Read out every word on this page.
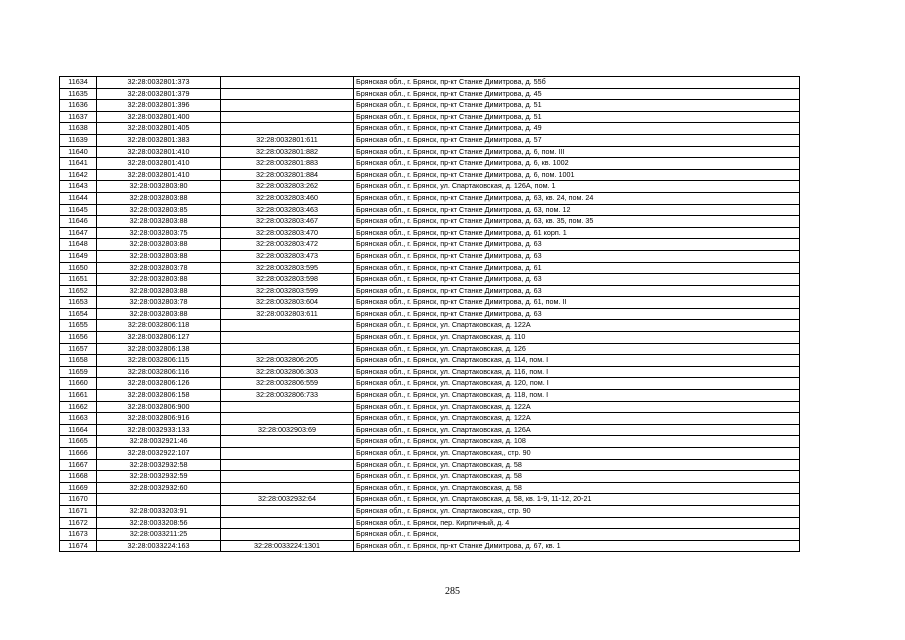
11634	32:28:0032801:373		Брянская обл., г. Брянск, пр-кт Станке Димитрова, д. 55б
11635	32:28:0032801:379		Брянская обл., г. Брянск, пр-кт Станке Димитрова, д. 45
11636	32:28:0032801:396		Брянская обл., г. Брянск, пр-кт Станке Димитрова, д. 51
11637	32:28:0032801:400		Брянская обл., г. Брянск, пр-кт Станке Димитрова, д. 51
11638	32:28:0032801:405		Брянская обл., г. Брянск, пр-кт Станке Димитрова, д. 49
11639	32:28:0032801:383	32:28:0032801:611	Брянская обл., г. Брянск, пр-кт Станке Димитрова, д. 57
11640	32:28:0032801:410	32:28:0032801:882	Брянская обл., г. Брянск, пр-кт Станке Димитрова, д. 6, пом. III
11641	32:28:0032801:410	32:28:0032801:883	Брянская обл., г. Брянск, пр-кт Станке Димитрова, д. 6, кв. 1002
11642	32:28:0032801:410	32:28:0032801:884	Брянская обл., г. Брянск, пр-кт Станке Димитрова, д. 6, пом. 1001
11643	32:28:0032803:80	32:28:0032803:262	Брянская обл., г. Брянск, ул. Спартаковская, д. 126А, пом. 1
11644	32:28:0032803:88	32:28:0032803:460	Брянская обл., г. Брянск, пр-кт Станке Димитрова, д. 63, кв. 24, пом. 24
11645	32:28:0032803:85	32:28:0032803:463	Брянская обл., г. Брянск, пр-кт Станке Димитрова, д. 63, пом. 12
11646	32:28:0032803:88	32:28:0032803:467	Брянская обл., г. Брянск, пр-кт Станке Димитрова, д. 63, кв. 35, пом. 35
11647	32:28:0032803:75	32:28:0032803:470	Брянская обл., г. Брянск, пр-кт Станке Димитрова, д. 61 корп. 1
11648	32:28:0032803:88	32:28:0032803:472	Брянская обл., г. Брянск, пр-кт Станке Димитрова, д. 63
11649	32:28:0032803:88	32:28:0032803:473	Брянская обл., г. Брянск, пр-кт Станке Димитрова, д. 63
11650	32:28:0032803:78	32:28:0032803:595	Брянская обл., г. Брянск, пр-кт Станке Димитрова, д. 61
11651	32:28:0032803:88	32:28:0032803:598	Брянская обл., г. Брянск, пр-кт Станке Димитрова, д. 63
11652	32:28:0032803:88	32:28:0032803:599	Брянская обл., г. Брянск, пр-кт Станке Димитрова, д. 63
11653	32:28:0032803:78	32:28:0032803:604	Брянская обл., г. Брянск, пр-кт Станке Димитрова, д. 61, пом. II
11654	32:28:0032803:88	32:28:0032803:611	Брянская обл., г. Брянск, пр-кт Станке Димитрова, д. 63
11655	32:28:0032806:118		Брянская обл., г. Брянск, ул. Спартаковская, д. 122А
11656	32:28:0032806:127		Брянская обл., г. Брянск, ул. Спартаковская, д. 110
11657	32:28:0032806:138		Брянская обл., г. Брянск, ул. Спартаковская, д. 126
11658	32:28:0032806:115	32:28:0032806:205	Брянская обл., г. Брянск, ул. Спартаковская, д. 114, пом. I
11659	32:28:0032806:116	32:28:0032806:303	Брянская обл., г. Брянск, ул. Спартаковская, д. 116, пом. I
11660	32:28:0032806:126	32:28:0032806:559	Брянская обл., г. Брянск, ул. Спартаковская, д. 120, пом. I
11661	32:28:0032806:158	32:28:0032806:733	Брянская обл., г. Брянск, ул. Спартаковская, д. 118, пом. I
11662	32:28:0032806:900		Брянская обл., г. Брянск, ул. Спартаковская, д. 122А
11663	32:28:0032806:916		Брянская обл., г. Брянск, ул. Спартаковская, д. 122А
11664	32:28:0032933:133	32:28:0032903:69	Брянская обл., г. Брянск, ул. Спартаковская, д. 126А
11665	32:28:0032921:46		Брянская обл., г. Брянск, ул. Спартаковская, д. 108
11666	32:28:0032922:107		Брянская обл., г. Брянск, ул. Спартаковская,, стр. 90
11667	32:28:0032932:58		Брянская обл., г. Брянск, ул. Спартаковская, д. 58
11668	32:28:0032932:59		Брянская обл., г. Брянск, ул. Спартаковская, д. 58
11669	32:28:0032932:60		Брянская обл., г. Брянск, ул. Спартаковская, д. 58
11670		32:28:0032932:64	Брянская обл., г. Брянск, ул. Спартаковская, д. 58, кв. 1-9, 11-12, 20-21
11671	32:28:0033203:91		Брянская обл., г. Брянск, ул. Спартаковская,, стр. 90
11672	32:28:0033208:56		Брянская обл., г. Брянск, пер. Кирпичный, д. 4
11673	32:28:0033211:25		Брянская обл., г. Брянск,
11674	32:28:0033224:163	32:28:0033224:1301	Брянская обл., г. Брянск, пр-кт Станке Димитрова, д. 67, кв. 1
285
